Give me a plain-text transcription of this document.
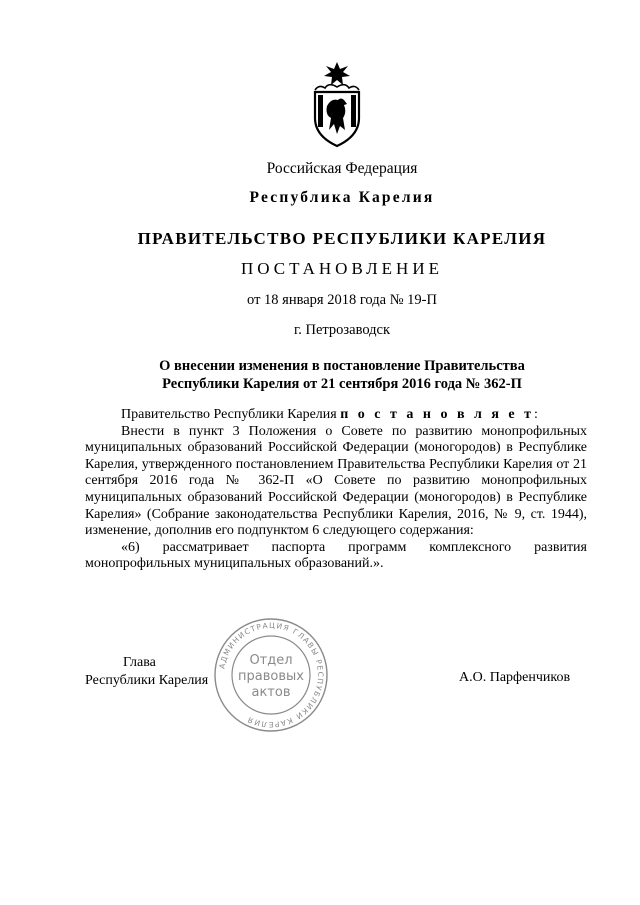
Российская Федерация
Республика Карелия
ПРАВИТЕЛЬСТВО РЕСПУБЛИКИ КАРЕЛИЯ
ПОСТАНОВЛЕНИЕ
от 18 января 2018 года № 19-П
г. Петрозаводск
О внесении изменения в постановление Правительства
Республики Карелия от 21 сентября 2016 года № 362-П

Правительство Республики Карелия п о с т а н о в л я е т:

Внести в пункт 3 Положения о Совете по развитию монопрофильных муниципальных образований Российской Федерации (моногородов) в Республике Карелия, утвержденного постановлением Правительства Республики Карелия от 21 сентября 2016 года № 362-П «О Совете по развитию монопрофильных муниципальных образований Российской Федерации (моногородов) в Республике Карелия» (Собрание законодательства Республики Карелия, 2016, № 9, ст. 1944), изменение, дополнив его подпунктом 6 следующего содержания:

«6) рассматривает паспорта программ комплексного развития монопрофильных муниципальных образований.».

Глава
Республики Карелия
АДМИНИСТРАЦИЯ ГЛАВЫ РЕСПУБЛИКИ КАРЕЛИЯ
Отдел
правовых
актов
А.О. Парфенчиков
